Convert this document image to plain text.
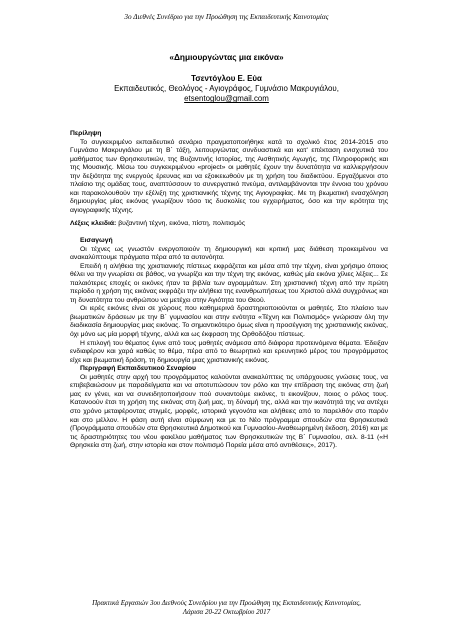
3ο Διεθνές Συνέδριο για την Προώθηση της Εκπαιδευτικής Καινοτομίας
«Δημιουργώντας μια εικόνα»
Τσεντόγλου Ε. Εύα
Εκπαιδευτικός, Θεολόγος - Αγιογράφος, Γυμνάσιο Μακρυγιάλου,
etsentoglou@gmail.com

Περίληψη

Το συγκεκριμένο εκπαιδευτικό σενάριο πραγματοποιήθηκε κατά το σχολικό έτος 2014-2015 στο Γυμνάσιο Μακρυγιάλου με τη Β΄ τάξη, λειτουργώντας συνδυαστικά και κατ' επέκταση ενισχυτικά του μαθήματος των Θρησκευτικών, της Βυζαντινής Ιστορίας, της Αισθητικής Αγωγής, της Πληροφορικής και της Μουσικής. Μέσω του συγκεκριμένου «project» οι μαθητές έχουν την δυνατότητα να καλλιεργήσουν την δεξιότητα της ενεργούς έρευνας και να εξοικειωθούν με τη χρήση του διαδικτύου. Εργαζόμενοι στο πλαίσιο της ομάδας τους, αναπτύσσουν το συνεργατικό πνεύμα, αντιλαμβάνονται την έννοια του χρόνου και παρακολουθούν την εξέλιξη της χριστιανικής τέχνης της Αγιογραφίας. Με τη βιωματική ενασχόληση δημιουργίας μίας εικόνας γνωρίζουν τόσο τις δυσκολίες του εγχειρήματος, όσο και την ιερότητα της αγιογραφικής τέχνης.

Λέξεις κλειδιά: βυζαντινή τέχνη, εικόνα, πίστη, πολιτισμός

Εισαγωγή

Οι τέχνες ως γνωστόν ενεργοποιούν τη δημιουργική και κριτική μας διάθεση προκειμένου να ανακαλύπτουμε πράγματα πέρα από τα αυτονόητα.

Επειδή η αλήθεια της χριστιανικής πίστεως εκφράζεται και μέσα από την τέχνη, είναι χρήσιμο όποιος θέλει να την γνωρίσει σε βάθος, να γνωρίζει και την τέχνη της εικόνας, καθώς μία εικόνα χίλιες λέξεις... Σε παλαιότερες εποχές οι εικόνες ήταν τα βιβλία των αγραμμάτων. Στη χριστιανική τέχνη από την πρώτη περίοδο η χρήση της εικόνας εκφράζει την αλήθεια της ενανθρωπήσεως του Χριστού αλλά συγχρόνως και τη δυνατότητα του ανθρώπου να μετέχει στην Αγιότητα του Θεού.

Οι ιερές εικόνες είναι σε χώρους που καθημερινά δραστηριοποιούνται οι μαθητές. Στο πλαίσιο των βιωματικών δράσεων με την Β΄ γυμνασίου και στην ενότητα «Τέχνη και Πολιτισμός» γνώρισαν όλη την διαδικασία δημιουργίας μιας εικόνας. Το σημαντικότερο όμως είναι η προσέγγιση της χριστιανικής εικόνας, όχι μόνο ως μία μορφή τέχνης, αλλά και ως έκφραση της Ορθοδόξου πίστεως.

Η επιλογή του θέματος έγινε από τους μαθητές ανάμεσα από διάφορα προτεινόμενα θέματα. Έδειξαν ενδιαφέρον και χαρά καθώς το θέμα, πέρα από το θεωρητικό και ερευνητικό μέρος του προγράμματος είχε και βιωματική δράση, τη δημιουργία μιας χριστιανικής εικόνας.

Περιγραφή Εκπαιδευτικού Σεναρίου

Οι μαθητές στην αρχή του προγράμματος καλούνται ανακαλύπτεις τις υπάρχουσες γνώσεις τους, να επιβεβαιώσουν με παραδείγματα και να αποτυπώσουν τον ρόλο και την επίδραση της εικόνας στη ζωή μας εν γένει, και να συνειδητοποιήσουν πού συναντούμε εικόνες, τι εικονίζουν, ποιος ο ρόλος τους. Κατανοούν έτσι τη χρήση της εικόνας στη ζωή μας, τη δύναμή της, αλλά και την ικανότητά της να αντέχει στο χρόνο μεταφέροντας στιγμές, μορφές, ιστορικά γεγονότα και αλήθειες από το παρελθόν στο παρόν και στο μέλλον. Η φάση αυτή είναι σύμφωνη και με το Νέο πρόγραμμα σπουδών στα Θρησκευτικά (Προγράμματα σπουδών στα Θρησκευτικά Δημοτικού και Γυμνασίου-Αναθεωρημένη έκδοση, 2016) και με τις δραστηριότητες του νέου φακέλου μαθήματος των Θρησκευτικών της Β΄ Γυμνασίου, σελ. 8-11 («Η Θρησκεία στη ζωή, στην ιστορία και στον πολιτισμό Πορεία μέσα από αντιθέσεις», 2017).

Πρακτικά Εργασιών 3ου Διεθνούς Συνεδρίου για την Προώθηση της Εκπαιδευτικής Καινοτομίας,
Λάρισα 20-22 Οκτωβρίου 2017
